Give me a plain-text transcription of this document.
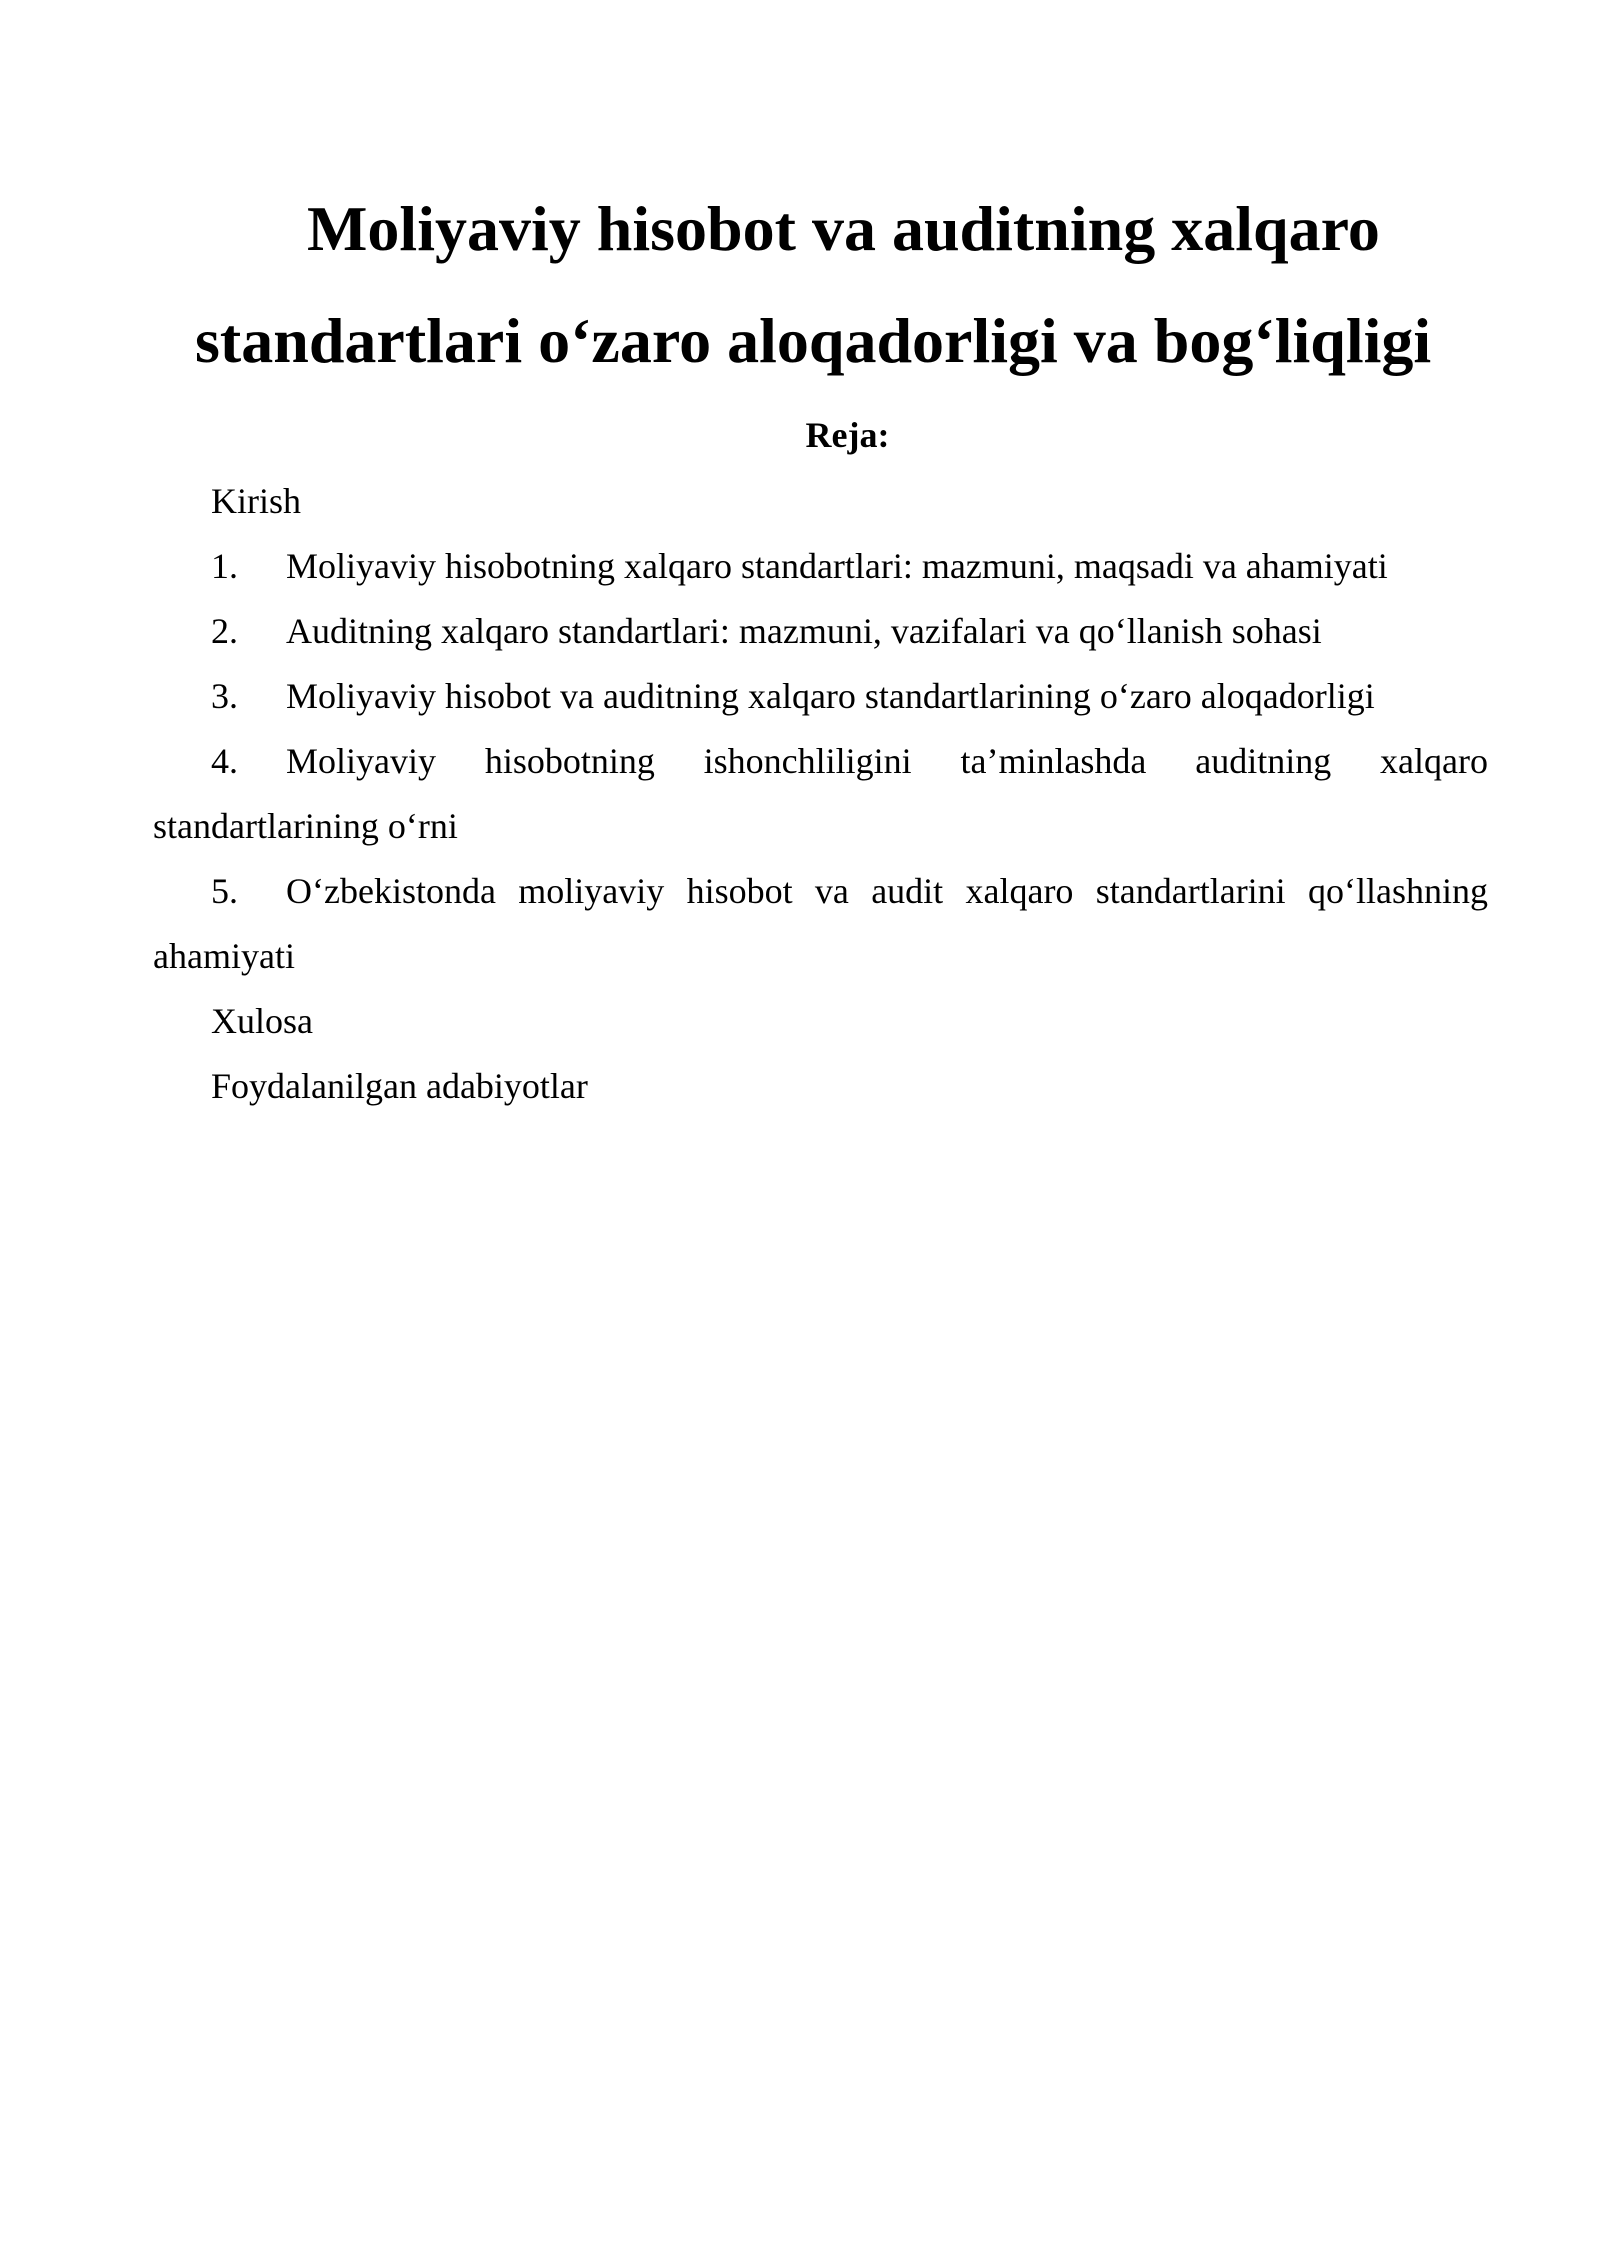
Moliyaviy hisobot va auditning xalqaro
standartlari o‘zaro aloqadorligi va bog‘liqligi
Reja:
Kirish
1. Moliyaviy hisobotning xalqaro standartlari: mazmuni, maqsadi va ahamiyati
2. Auditning xalqaro standartlari: mazmuni, vazifalari va qo‘llanish sohasi
3. Moliyaviy hisobot va auditning xalqaro standartlarining o‘zaro aloqadorligi
4. Moliyaviy hisobotning ishonchliligini ta’minlashda auditning xalqaro
standartlarining o‘rni
5. O‘zbekistonda moliyaviy hisobot va audit xalqaro standartlarini qo‘llashning
ahamiyati
Xulosa
Foydalanilgan adabiyotlar
